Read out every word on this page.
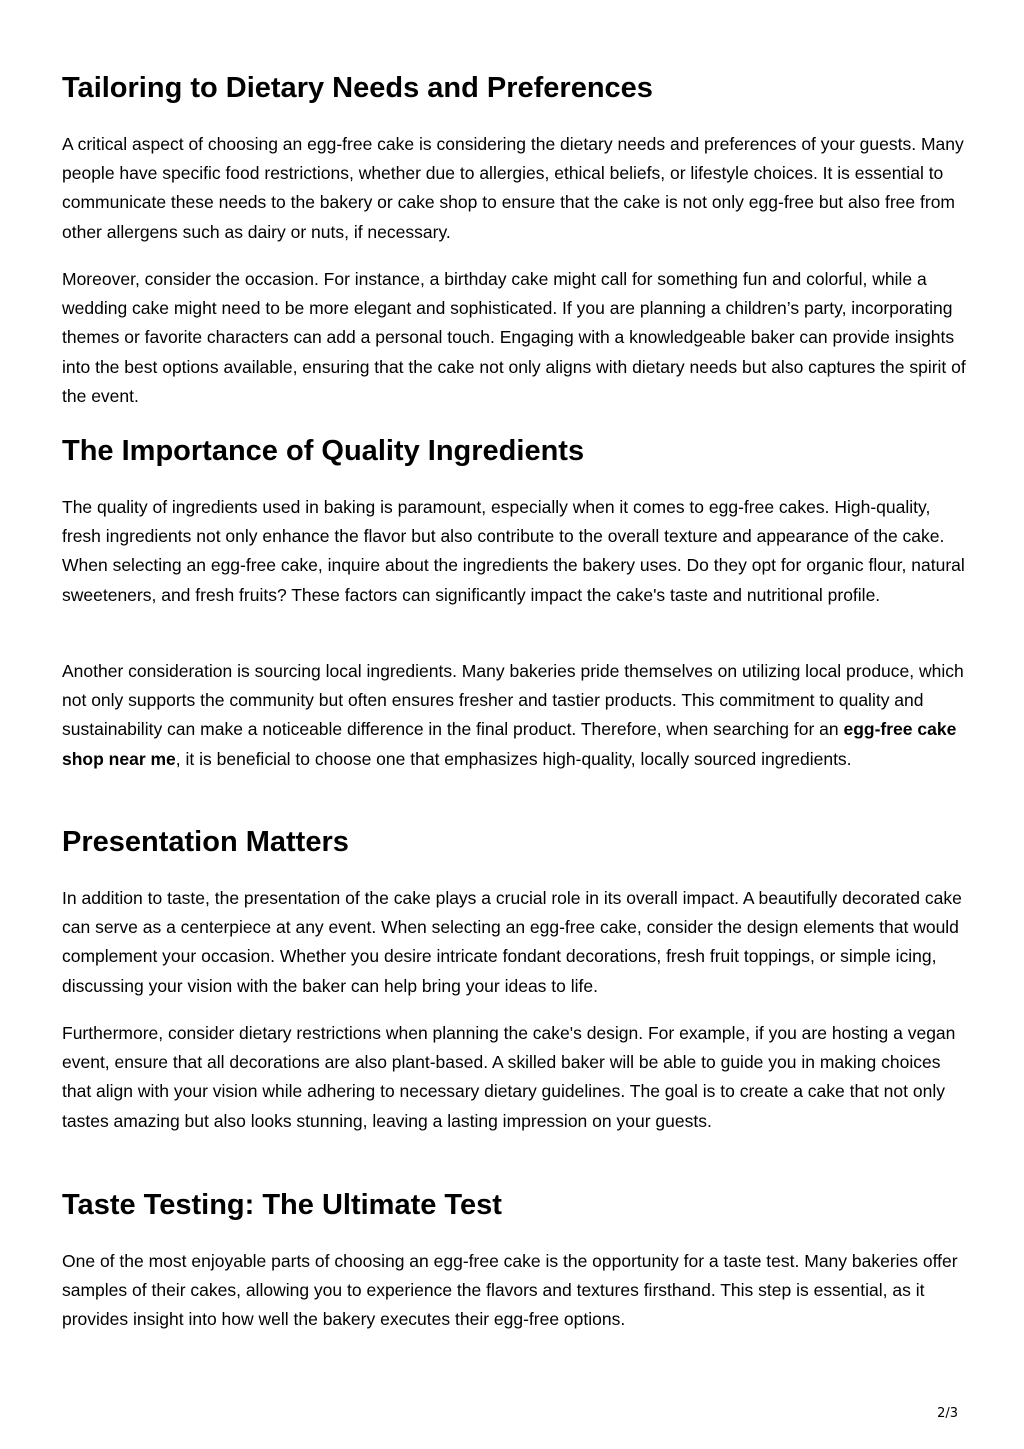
Tailoring to Dietary Needs and Preferences

A critical aspect of choosing an egg-free cake is considering the dietary needs and preferences of your guests. Many people have specific food restrictions, whether due to allergies, ethical beliefs, or lifestyle choices. It is essential to communicate these needs to the bakery or cake shop to ensure that the cake is not only egg-free but also free from other allergens such as dairy or nuts, if necessary.

Moreover, consider the occasion. For instance, a birthday cake might call for something fun and colorful, while a wedding cake might need to be more elegant and sophisticated. If you are planning a children’s party, incorporating themes or favorite characters can add a personal touch. Engaging with a knowledgeable baker can provide insights into the best options available, ensuring that the cake not only aligns with dietary needs but also captures the spirit of the event.

The Importance of Quality Ingredients

The quality of ingredients used in baking is paramount, especially when it comes to egg-free cakes. High-quality, fresh ingredients not only enhance the flavor but also contribute to the overall texture and appearance of the cake. When selecting an egg-free cake, inquire about the ingredients the bakery uses. Do they opt for organic flour, natural sweeteners, and fresh fruits? These factors can significantly impact the cake's taste and nutritional profile.

Another consideration is sourcing local ingredients. Many bakeries pride themselves on utilizing local produce, which not only supports the community but often ensures fresher and tastier products. This commitment to quality and sustainability can make a noticeable difference in the final product. Therefore, when searching for an egg-free cake shop near me, it is beneficial to choose one that emphasizes high-quality, locally sourced ingredients.

Presentation Matters

In addition to taste, the presentation of the cake plays a crucial role in its overall impact. A beautifully decorated cake can serve as a centerpiece at any event. When selecting an egg-free cake, consider the design elements that would complement your occasion. Whether you desire intricate fondant decorations, fresh fruit toppings, or simple icing, discussing your vision with the baker can help bring your ideas to life.

Furthermore, consider dietary restrictions when planning the cake's design. For example, if you are hosting a vegan event, ensure that all decorations are also plant-based. A skilled baker will be able to guide you in making choices that align with your vision while adhering to necessary dietary guidelines. The goal is to create a cake that not only tastes amazing but also looks stunning, leaving a lasting impression on your guests.

Taste Testing: The Ultimate Test

One of the most enjoyable parts of choosing an egg-free cake is the opportunity for a taste test. Many bakeries offer samples of their cakes, allowing you to experience the flavors and textures firsthand. This step is essential, as it provides insight into how well the bakery executes their egg-free options.

2/3
